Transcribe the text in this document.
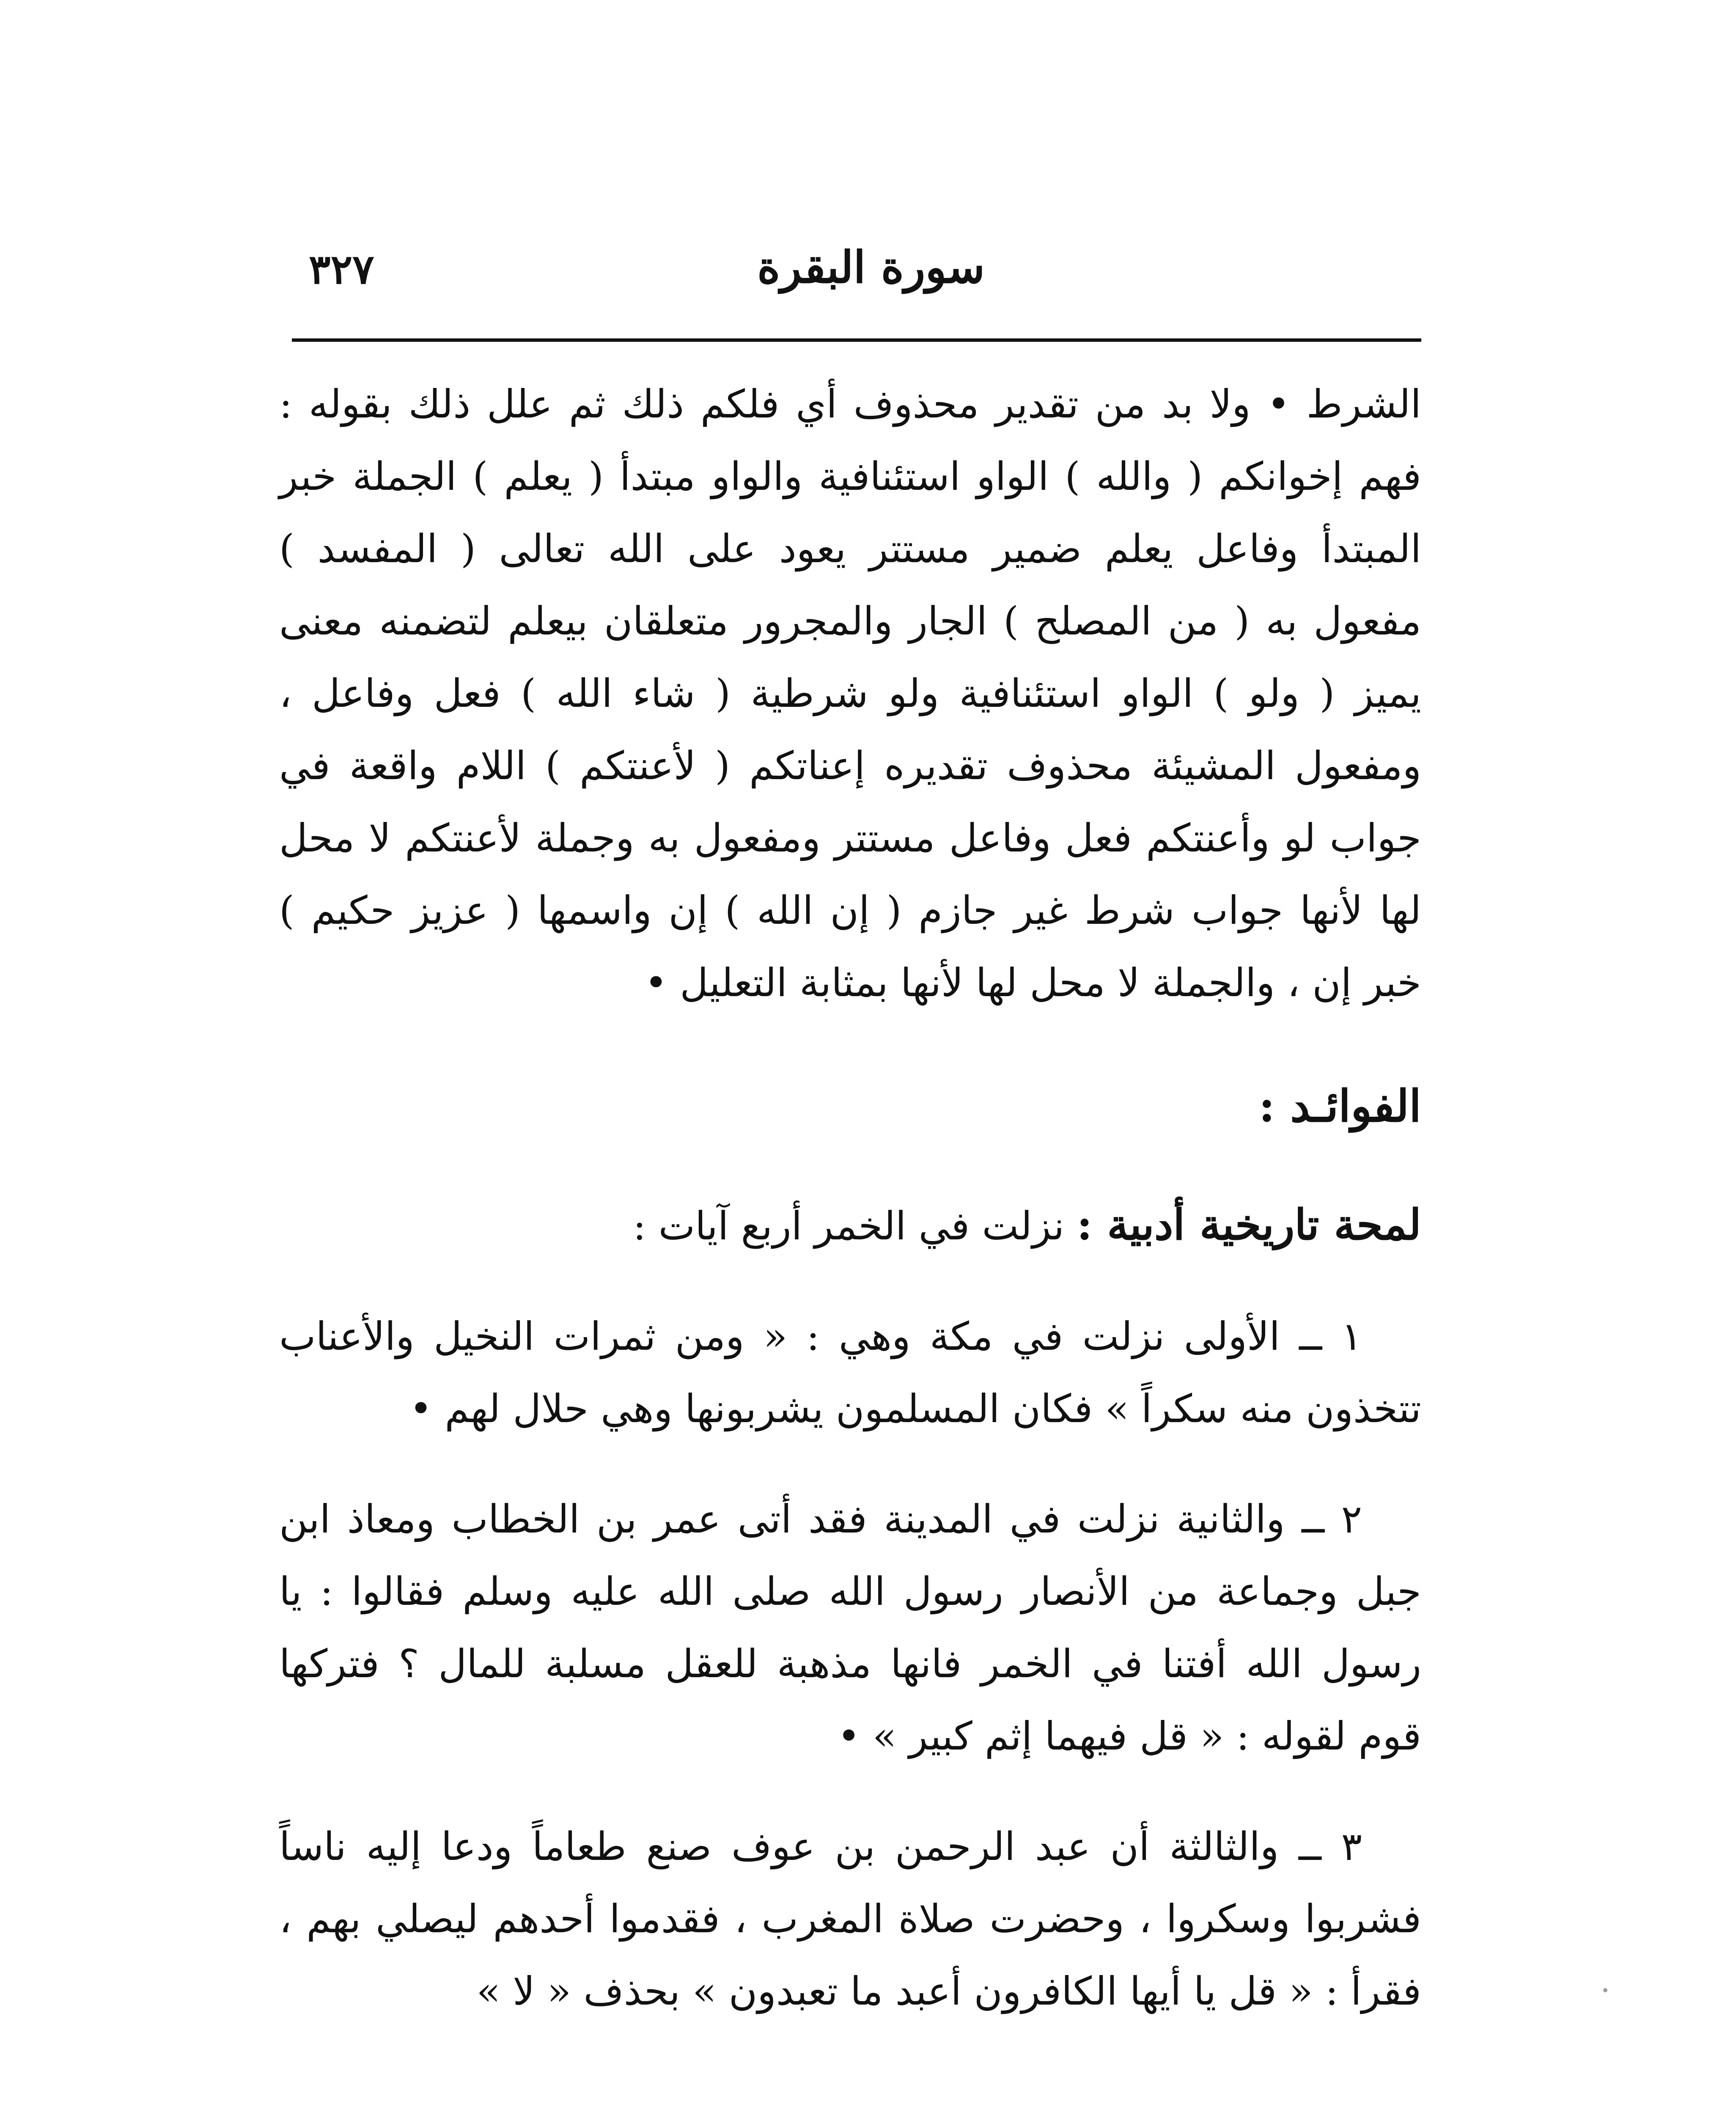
٣٢٧	سورة البقرة

الشرط • ولا بد من تقدير محذوف أي فلكم ذلك ثم علل ذلك بقوله : فهم إخوانكم ( والله ) الواو استئنافية والواو مبتدأ ( يعلم ) الجملة خبر المبتدأ وفاعل يعلم ضمير مستتر يعود على الله تعالى ( المفسد ) مفعول به ( من المصلح ) الجار والمجرور متعلقان بيعلم لتضمنه معنى يميز ( ولو ) الواو استئنافية ولو شرطية ( شاء الله ) فعل وفاعل ، ومفعول المشيئة محذوف تقديره إعناتكم ( لأعنتكم ) اللام واقعة في جواب لو وأعنتكم فعل وفاعل مستتر ومفعول به وجملة لأعنتكم لا محل لها لأنها جواب شرط غير جازم ( إن الله ) إن واسمها ( عزيز حكيم ) خبر إن ، والجملة لا محل لها لأنها بمثابة التعليل •

الفوائـد :

لمحة تاريخية أدبية : نزلت في الخمر أربع آيات :

١ ــ الأولى نزلت في مكة وهي : « ومن ثمرات النخيل والأعناب تتخذون منه سكراً » فكان المسلمون يشربونها وهي حلال لهم •

٢ ــ والثانية نزلت في المدينة فقد أتى عمر بن الخطاب ومعاذ ابن جبل وجماعة من الأنصار رسول الله صلى الله عليه وسلم فقالوا : يا رسول الله أفتنا في الخمر فانها مذهبة للعقل مسلبة للمال ؟ فتركها قوم لقوله : « قل فيهما إثم كبير » •

٣ ــ والثالثة أن عبد الرحمن بن عوف صنع طعاماً ودعا إليه ناساً فشربوا وسكروا ، وحضرت صلاة المغرب ، فقدموا أحدهم ليصلي بهم ، فقرأ : « قل يا أيها الكافرون أعبد ما تعبدون » بحذف « لا »
